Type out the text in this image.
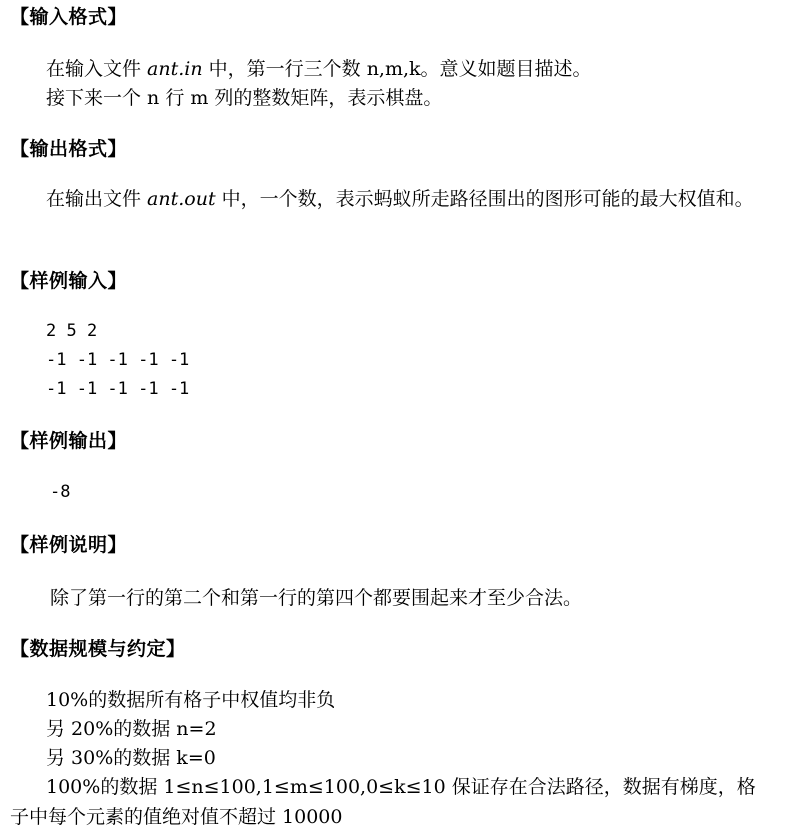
【输入格式】
在输入文件 ant.in 中，第一行三个数 n,m,k。意义如题目描述。
接下来一个 n 行 m 列的整数矩阵，表示棋盘。
【输出格式】
在输出文件 ant.out 中，一个数，表示蚂蚁所走路径围出的图形可能的最大权值和。
【样例输入】
2 5 2
-1 -1 -1 -1 -1
-1 -1 -1 -1 -1
【样例输出】
-8
【样例说明】
除了第一行的第二个和第一行的第四个都要围起来才至少合法。
【数据规模与约定】
10%的数据所有格子中权值均非负
另 20%的数据 n=2
另 30%的数据 k=0
100%的数据 1≤n≤100,1≤m≤100,0≤k≤10 保证存在合法路径，数据有梯度，格子中每个元素的值绝对值不超过 10000
